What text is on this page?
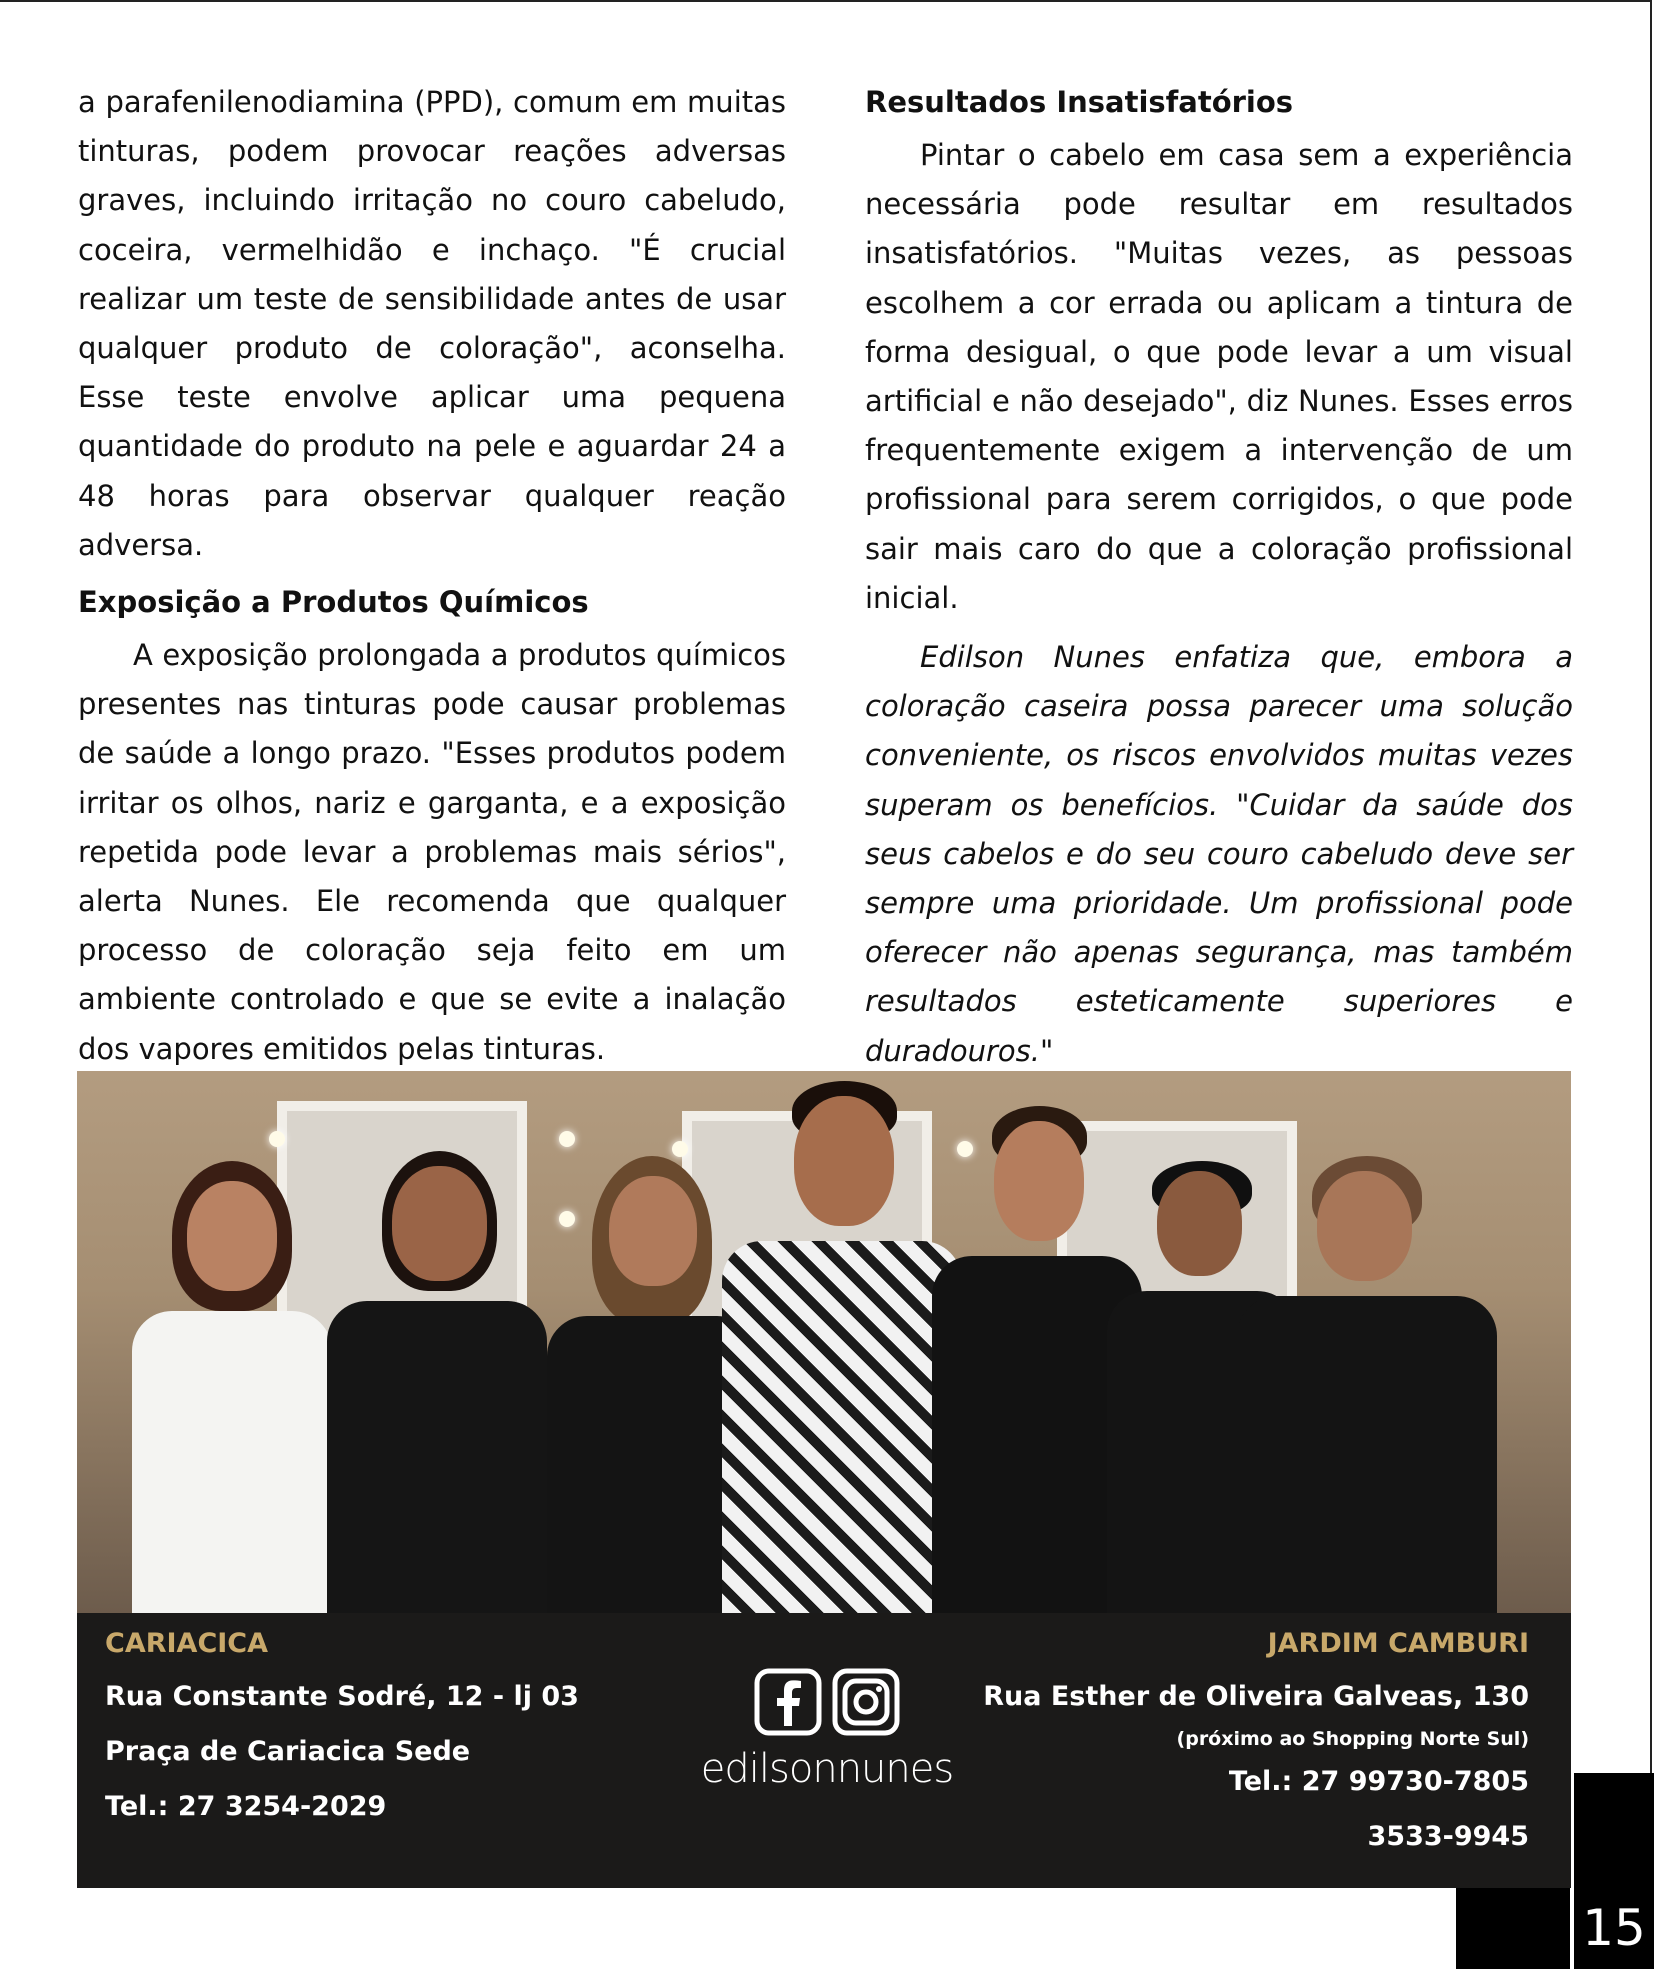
a parafenilenodiamina (PPD), comum em muitas tinturas, podem provocar reações adversas graves, incluindo irritação no couro cabeludo, coceira, vermelhidão e inchaço. "É crucial realizar um teste de sensibilidade antes de usar qualquer produto de coloração", aconselha. Esse teste envolve aplicar uma pequena quantidade do produto na pele e aguardar 24 a 48 horas para observar qualquer reação adversa.

Exposição a Produtos Químicos

A exposição prolongada a produtos químicos presentes nas tinturas pode causar problemas de saúde a longo prazo. "Esses produtos podem irritar os olhos, nariz e garganta, e a exposição repetida pode levar a problemas mais sérios", alerta Nunes. Ele recomenda que qualquer processo de coloração seja feito em um ambiente controlado e que se evite a inalação dos vapores emitidos pelas tinturas.

Resultados Insatisfatórios

Pintar o cabelo em casa sem a experiência necessária pode resultar em resultados insatisfatórios. "Muitas vezes, as pessoas escolhem a cor errada ou aplicam a tintura de forma desigual, o que pode levar a um visual artificial e não desejado", diz Nunes. Esses erros frequentemente exigem a intervenção de um profissional para serem corrigidos, o que pode sair mais caro do que a coloração profissional inicial.

Edilson Nunes enfatiza que, embora a coloração caseira possa parecer uma solução conveniente, os riscos envolvidos muitas vezes superam os benefícios. "Cuidar da saúde dos seus cabelos e do seu couro cabeludo deve ser sempre uma prioridade. Um profissional pode oferecer não apenas segurança, mas também resultados esteticamente superiores e duradouros."

CARIACICA
Rua Constante Sodré, 12 - lj 03
Praça de Cariacica Sede
Tel.: 27 3254-2029
edilsonnunes
JARDIM CAMBURI
Rua Esther de Oliveira Galveas, 130
(próximo ao Shopping Norte Sul)
Tel.: 27 99730-7805
3533-9945
15
